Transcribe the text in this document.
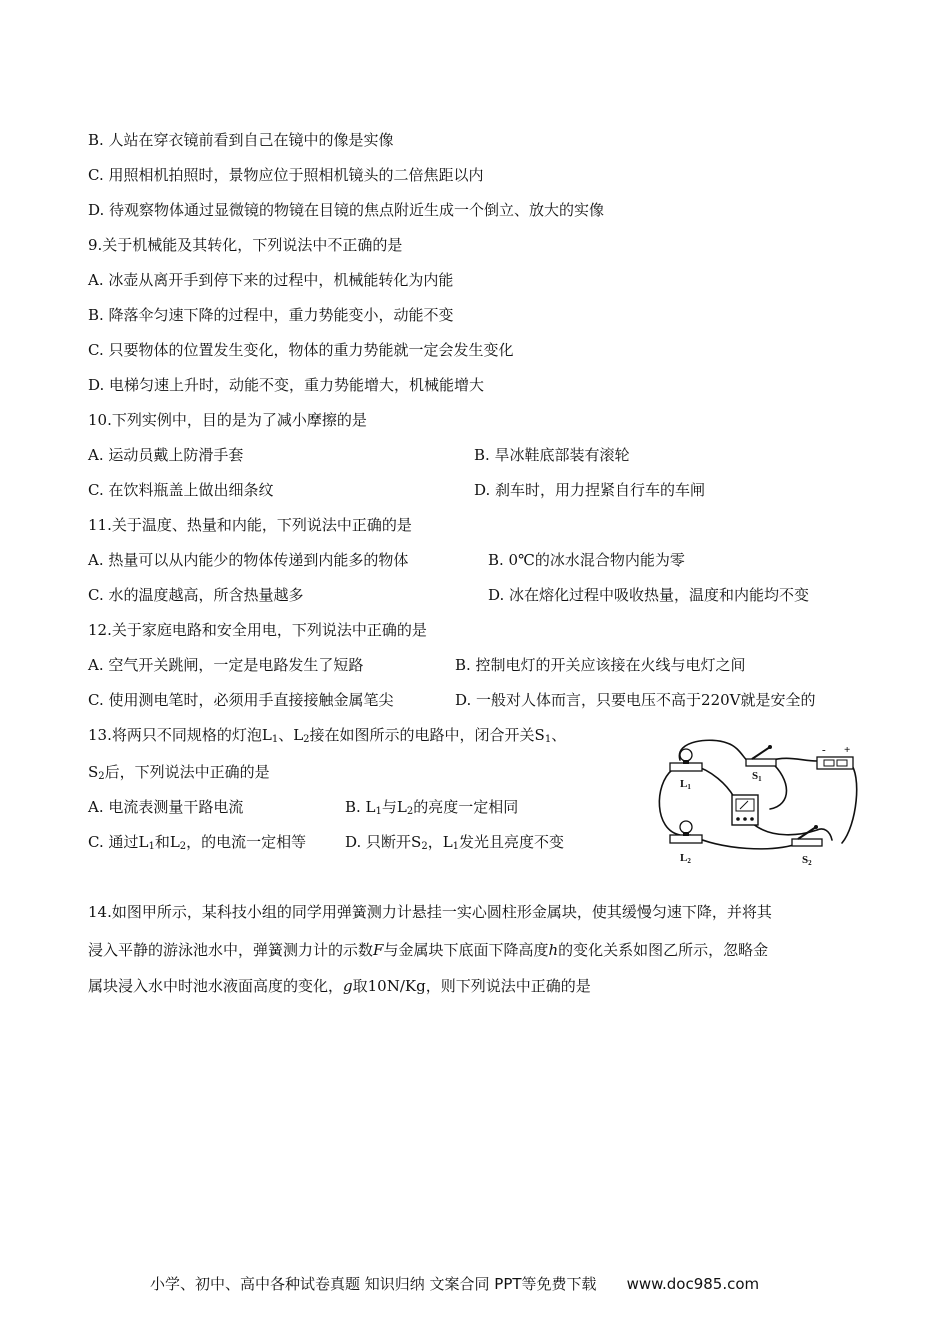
B. 人站在穿衣镜前看到自己在镜中的像是实像
C. 用照相机拍照时，景物应位于照相机镜头的二倍焦距以内
D. 待观察物体通过显微镜的物镜在目镜的焦点附近生成一个倒立、放大的实像
9.关于机械能及其转化，下列说法中不正确的是
A. 冰壶从离开手到停下来的过程中，机械能转化为内能
B. 降落伞匀速下降的过程中，重力势能变小，动能不变
C. 只要物体的位置发生变化，物体的重力势能就一定会发生变化
D. 电梯匀速上升时，动能不变，重力势能增大，机械能增大
10.下列实例中，目的是为了减小摩擦的是
A. 运动员戴上防滑手套	B. 旱冰鞋底部装有滚轮
C. 在饮料瓶盖上做出细条纹	D. 刹车时，用力捏紧自行车的车闸
11.关于温度、热量和内能，下列说法中正确的是
A. 热量可以从内能少的物体传递到内能多的物体	B. 0℃的冰水混合物内能为零
C. 水的温度越高，所含热量越多	D. 冰在熔化过程中吸收热量，温度和内能均不变
12.关于家庭电路和安全用电，下列说法中正确的是
A. 空气开关跳闸，一定是电路发生了短路	B. 控制电灯的开关应该接在火线与电灯之间
C. 使用测电笔时，必须用手直接接触金属笔尖	D. 一般对人体而言，只要电压不高于220V就是安全的
13.将两只不同规格的灯泡$L_1$、$L_2$接在如图所示的电路中，闭合开关$S_1$、
$S_2$后，下列说法中正确的是
A. 电流表测量干路电流	B. $L_1$与$L_2$的亮度一定相同
C. 通过$L_1$和$L_2$，的电流一定相等	D. 只断开$S_2$，$L_1$发光且亮度不变
L1
L2
S1
S2
- +
14.如图甲所示，某科技小组的同学用弹簧测力计悬挂一实心圆柱形金属块，使其缓慢匀速下降，并将其
浸入平静的游泳池水中，弹簧测力计的示数F与金属块下底面下降高度h的变化关系如图乙所示，忽略金
属块浸入水中时池水液面高度的变化，g取10N/Kg，则下列说法中正确的是
小学、初中、高中各种试卷真题 知识归纳 文案合同 PPT等免费下载 www.doc985.com
